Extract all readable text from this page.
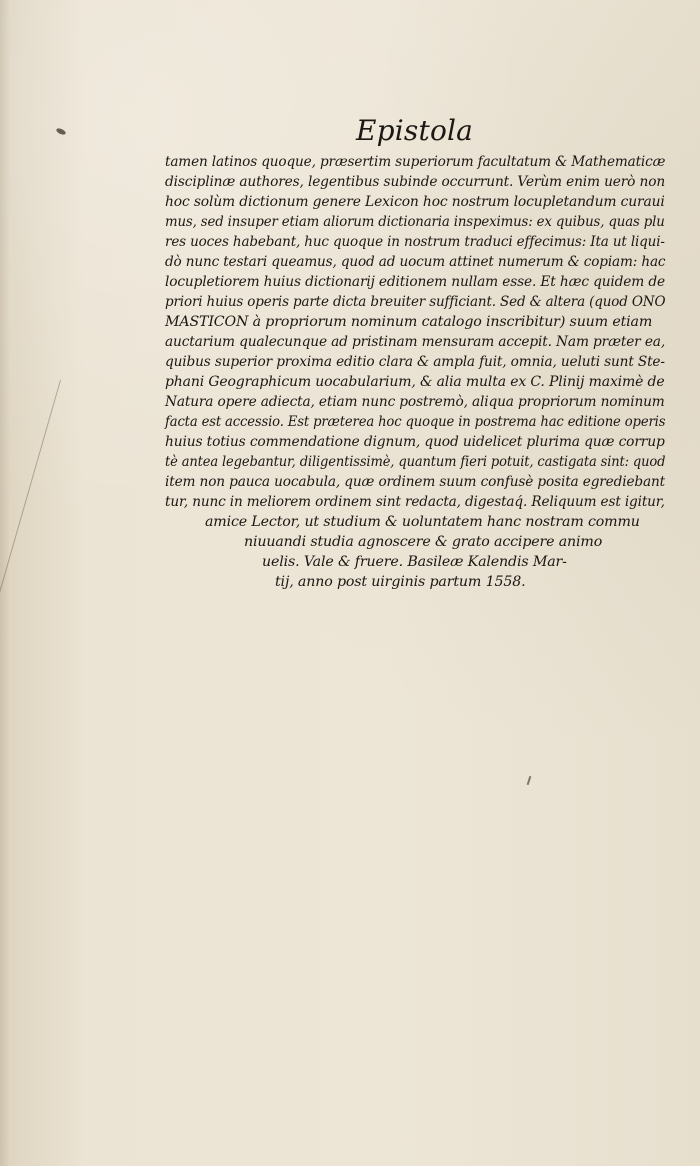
Epistola
tamen latinos quoque, præsertim superiorum facultatum & Mathematicæ
disciplinæ authores, legentibus subinde occurrunt. Verùm enim uerò non
hoc solùm dictionum genere Lexicon hoc nostrum locupletandum curaui
mus, sed insuper etiam aliorum dictionaria inspeximus: ex quibus, quas plu
res uoces habebant, huc quoque in nostrum traduci effecimus: Ita ut liqui-
dò nunc testari queamus, quod ad uocum attinet numerum & copiam: hac
locupletiorem huius dictionarij editionem nullam esse. Et hæc quidem de
priori huius operis parte dicta breuiter sufficiant. Sed & altera (quod ONO
MASTICON à propriorum nominum catalogo inscribitur) suum etiam
auctarium qualecunque ad pristinam mensuram accepit. Nam præter ea,
quibus superior proxima editio clara & ampla fuit, omnia, ueluti sunt Ste-
phani Geographicum uocabularium, & alia multa ex C. Plinij maximè de
Natura opere adiecta, etiam nunc postremò, aliqua propriorum nominum
facta est accessio. Est præterea hoc quoque in postrema hac editione operis
huius totius commendatione dignum, quod uidelicet plurima quæ corrup
tè antea legebantur, diligentissimè, quantum fieri potuit, castigata sint: quod
item non pauca uocabula, quæ ordinem suum confusè posita egrediebant
tur, nunc in meliorem ordinem sint redacta, digestaq́. Reliquum est igitur,
amice Lector, ut studium & uoluntatem hanc nostram commu
niuuandi studia agnoscere & grato accipere animo
uelis. Vale & fruere. Basileæ Kalendis Mar-
tij, anno post uirginis partum 1558.
